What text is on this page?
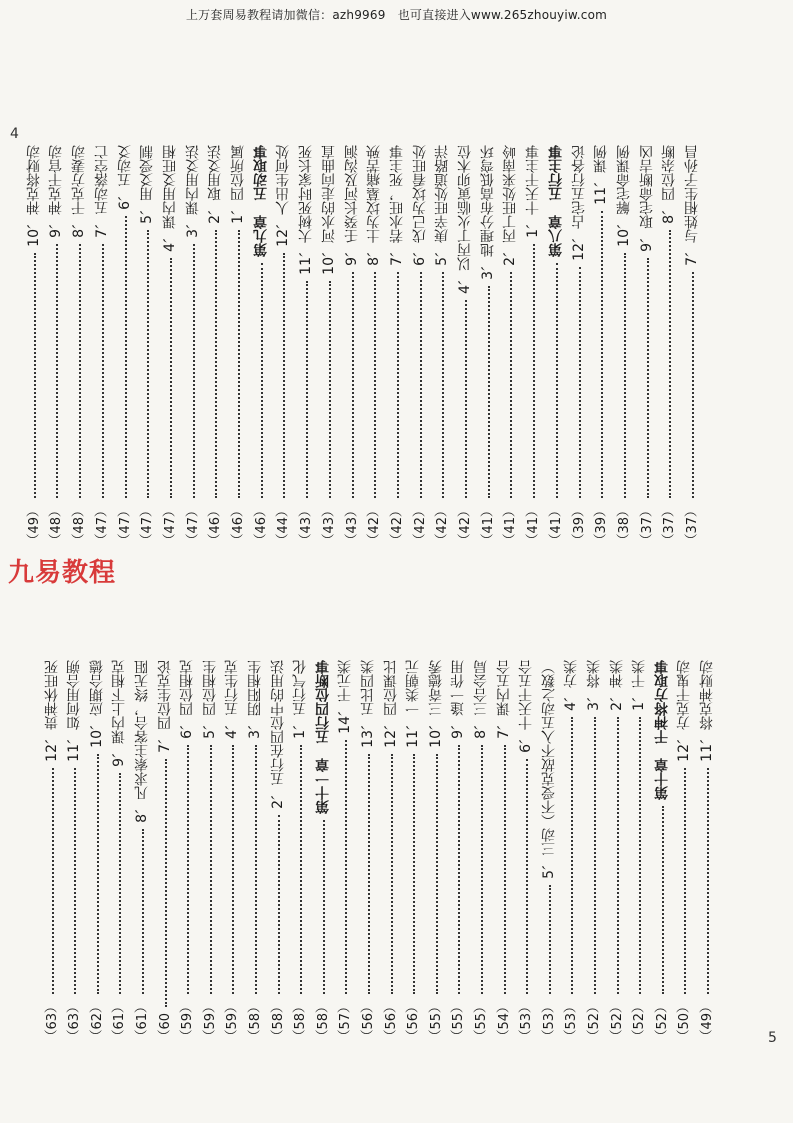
上万套周易教程请加微信：azh9969　也可直接进入www.265zhouyiw.com
4
5
九易教程
7、与姓相生子孙昌
（37）
8、四位杂断
（37）
9、取宅命断吉凶
（37）
10、解宅命课例
（38）
11、课例
（39）
12、占宅五行各论
（39）
第八章　五行主事
（41）
1、十天干主事
（41）
2、丙丁旺处来南岭
（41）
3、地理分布高低弯环
（41）
4、以丙丁火临寅卯木位
（42）
5、庚辛旺处道路洋
（42）
6、戊己为坟看旺处
（42）
7、若水旺，死主事
（42）
8、土为坟墓痛苦殃
（42）
9、壬癸长河及沟涧
（43）
10、河水的走向曲直
（43）
11、大树死时家长死
（43）
12、人出生何处
（44）
第九章　五动取事
（46）
1、四位所属
（46）
2、取用爻法
（46）
3、课内用爻法
（47）
4、课内用爻旺相
（47）
5、用爻受制
（47）
6、五动爻
（47）
7、五动落空亡
（47）
8、干克方妻动
（48）
9、神克干官动
（48）
10、神克将财动
（49）
11、将克神财动
（49）
12、方克干鬼动
（50）
第十章　干神将方取事
（52）
1、干类
（52）
2、神类
（52）
3、将类
（52）
4、方类
（53）
5、三动（不受克故不入五动之数）
（53）
6、十天干五合
（53）
7、课内五合
（54）
8、三合会局
（55）
9、逢一作用
（55）
10、三奇德秀
（55）
11、一类朝元
（56）
12、四位课比
（56）
13、五比四类
（56）
14、干元类
（57）
第十一章　五行四位断事
（58）
1、五行气化
（58）
2、五行在四位中的用法
（58）
3、阴阳相生
（58）
4、五行生克
（59）
5、四位相生
（59）
6、四位相克
（59）
7、四位生克论
（60
8、凡求索主客合，终无阻
（61）
9、课内上下相克
（61）
10、应期合德
（62）
11、如何用合朔
（63）
12、贵神休旺死
（63）
